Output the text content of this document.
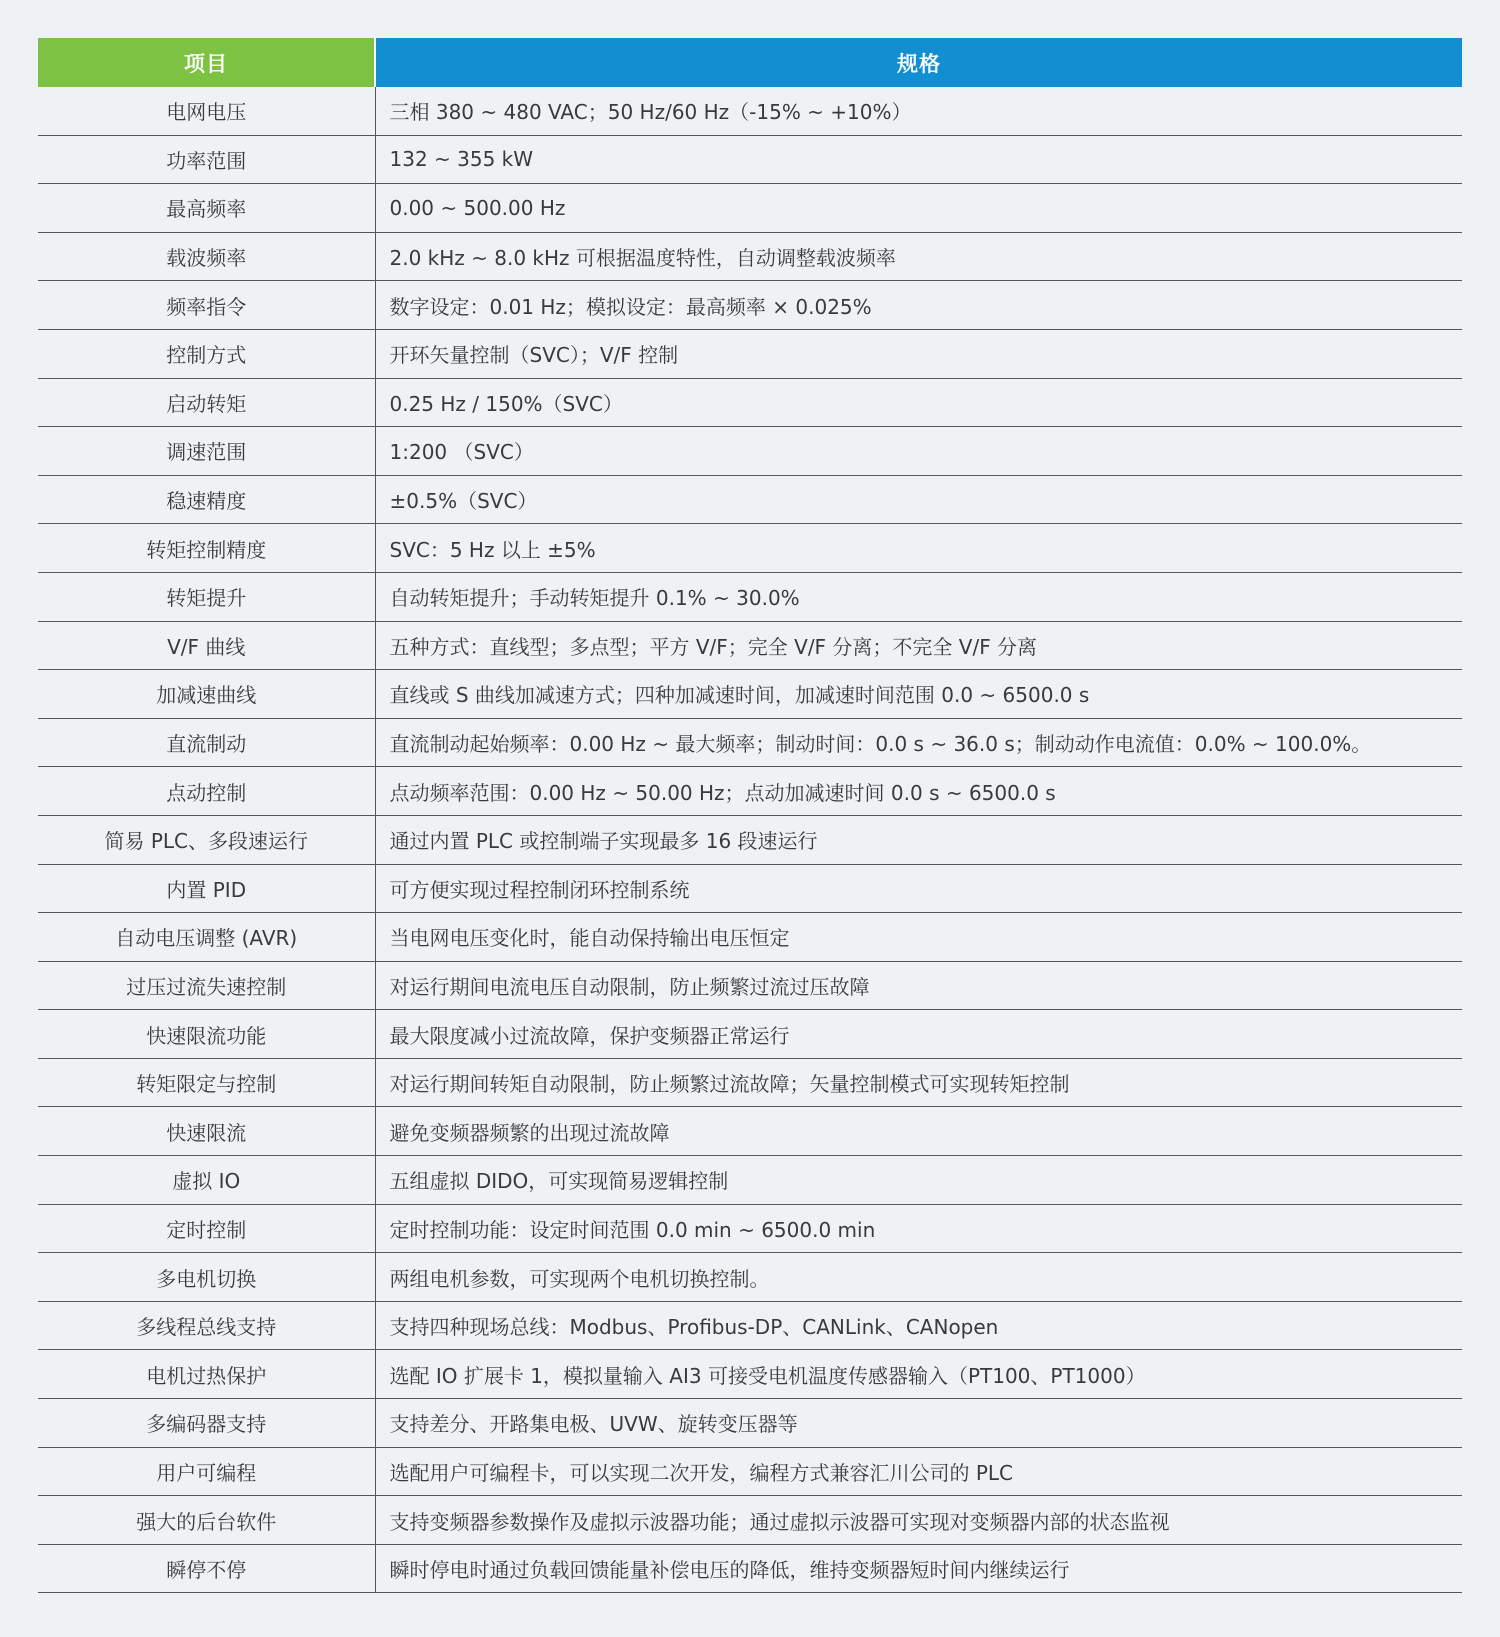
项目	规格
电网电压	三相 380 ~ 480 VAC；50 Hz/60 Hz（-15% ~ +10%）
功率范围	132 ~ 355 kW
最高频率	0.00 ~ 500.00 Hz
载波频率	2.0 kHz ~ 8.0 kHz 可根据温度特性，自动调整载波频率
频率指令	数字设定：0.01 Hz；模拟设定：最高频率 × 0.025%
控制方式	开环矢量控制（SVC）；V/F 控制
启动转矩	0.25 Hz / 150%（SVC）
调速范围	1:200 （SVC）
稳速精度	±0.5%（SVC）
转矩控制精度	SVC：5 Hz 以上 ±5%
转矩提升	自动转矩提升；手动转矩提升 0.1% ~ 30.0%
V/F 曲线	五种方式：直线型；多点型；平方 V/F；完全 V/F 分离；不完全 V/F 分离
加减速曲线	直线或 S 曲线加减速方式；四种加减速时间，加减速时间范围 0.0 ~ 6500.0 s
直流制动	直流制动起始频率：0.00 Hz ~ 最大频率；制动时间：0.0 s ~ 36.0 s；制动动作电流值：0.0% ~ 100.0%。
点动控制	点动频率范围：0.00 Hz ~ 50.00 Hz；点动加减速时间 0.0 s ~ 6500.0 s
简易 PLC、多段速运行	通过内置 PLC 或控制端子实现最多 16 段速运行
内置 PID	可方便实现过程控制闭环控制系统
自动电压调整 (AVR)	当电网电压变化时，能自动保持输出电压恒定
过压过流失速控制	对运行期间电流电压自动限制，防止频繁过流过压故障
快速限流功能	最大限度减小过流故障，保护变频器正常运行
转矩限定与控制	对运行期间转矩自动限制，防止频繁过流故障；矢量控制模式可实现转矩控制
快速限流	避免变频器频繁的出现过流故障
虚拟 IO	五组虚拟 DIDO，可实现简易逻辑控制
定时控制	定时控制功能：设定时间范围 0.0 min ~ 6500.0 min
多电机切换	两组电机参数，可实现两个电机切换控制。
多线程总线支持	支持四种现场总线：Modbus、Profibus-DP、CANLink、CANopen
电机过热保护	选配 IO 扩展卡 1，模拟量输入 AI3 可接受电机温度传感器输入（PT100、PT1000）
多编码器支持	支持差分、开路集电极、UVW、旋转变压器等
用户可编程	选配用户可编程卡，可以实现二次开发，编程方式兼容汇川公司的 PLC
强大的后台软件	支持变频器参数操作及虚拟示波器功能；通过虚拟示波器可实现对变频器内部的状态监视
瞬停不停	瞬时停电时通过负载回馈能量补偿电压的降低，维持变频器短时间内继续运行
